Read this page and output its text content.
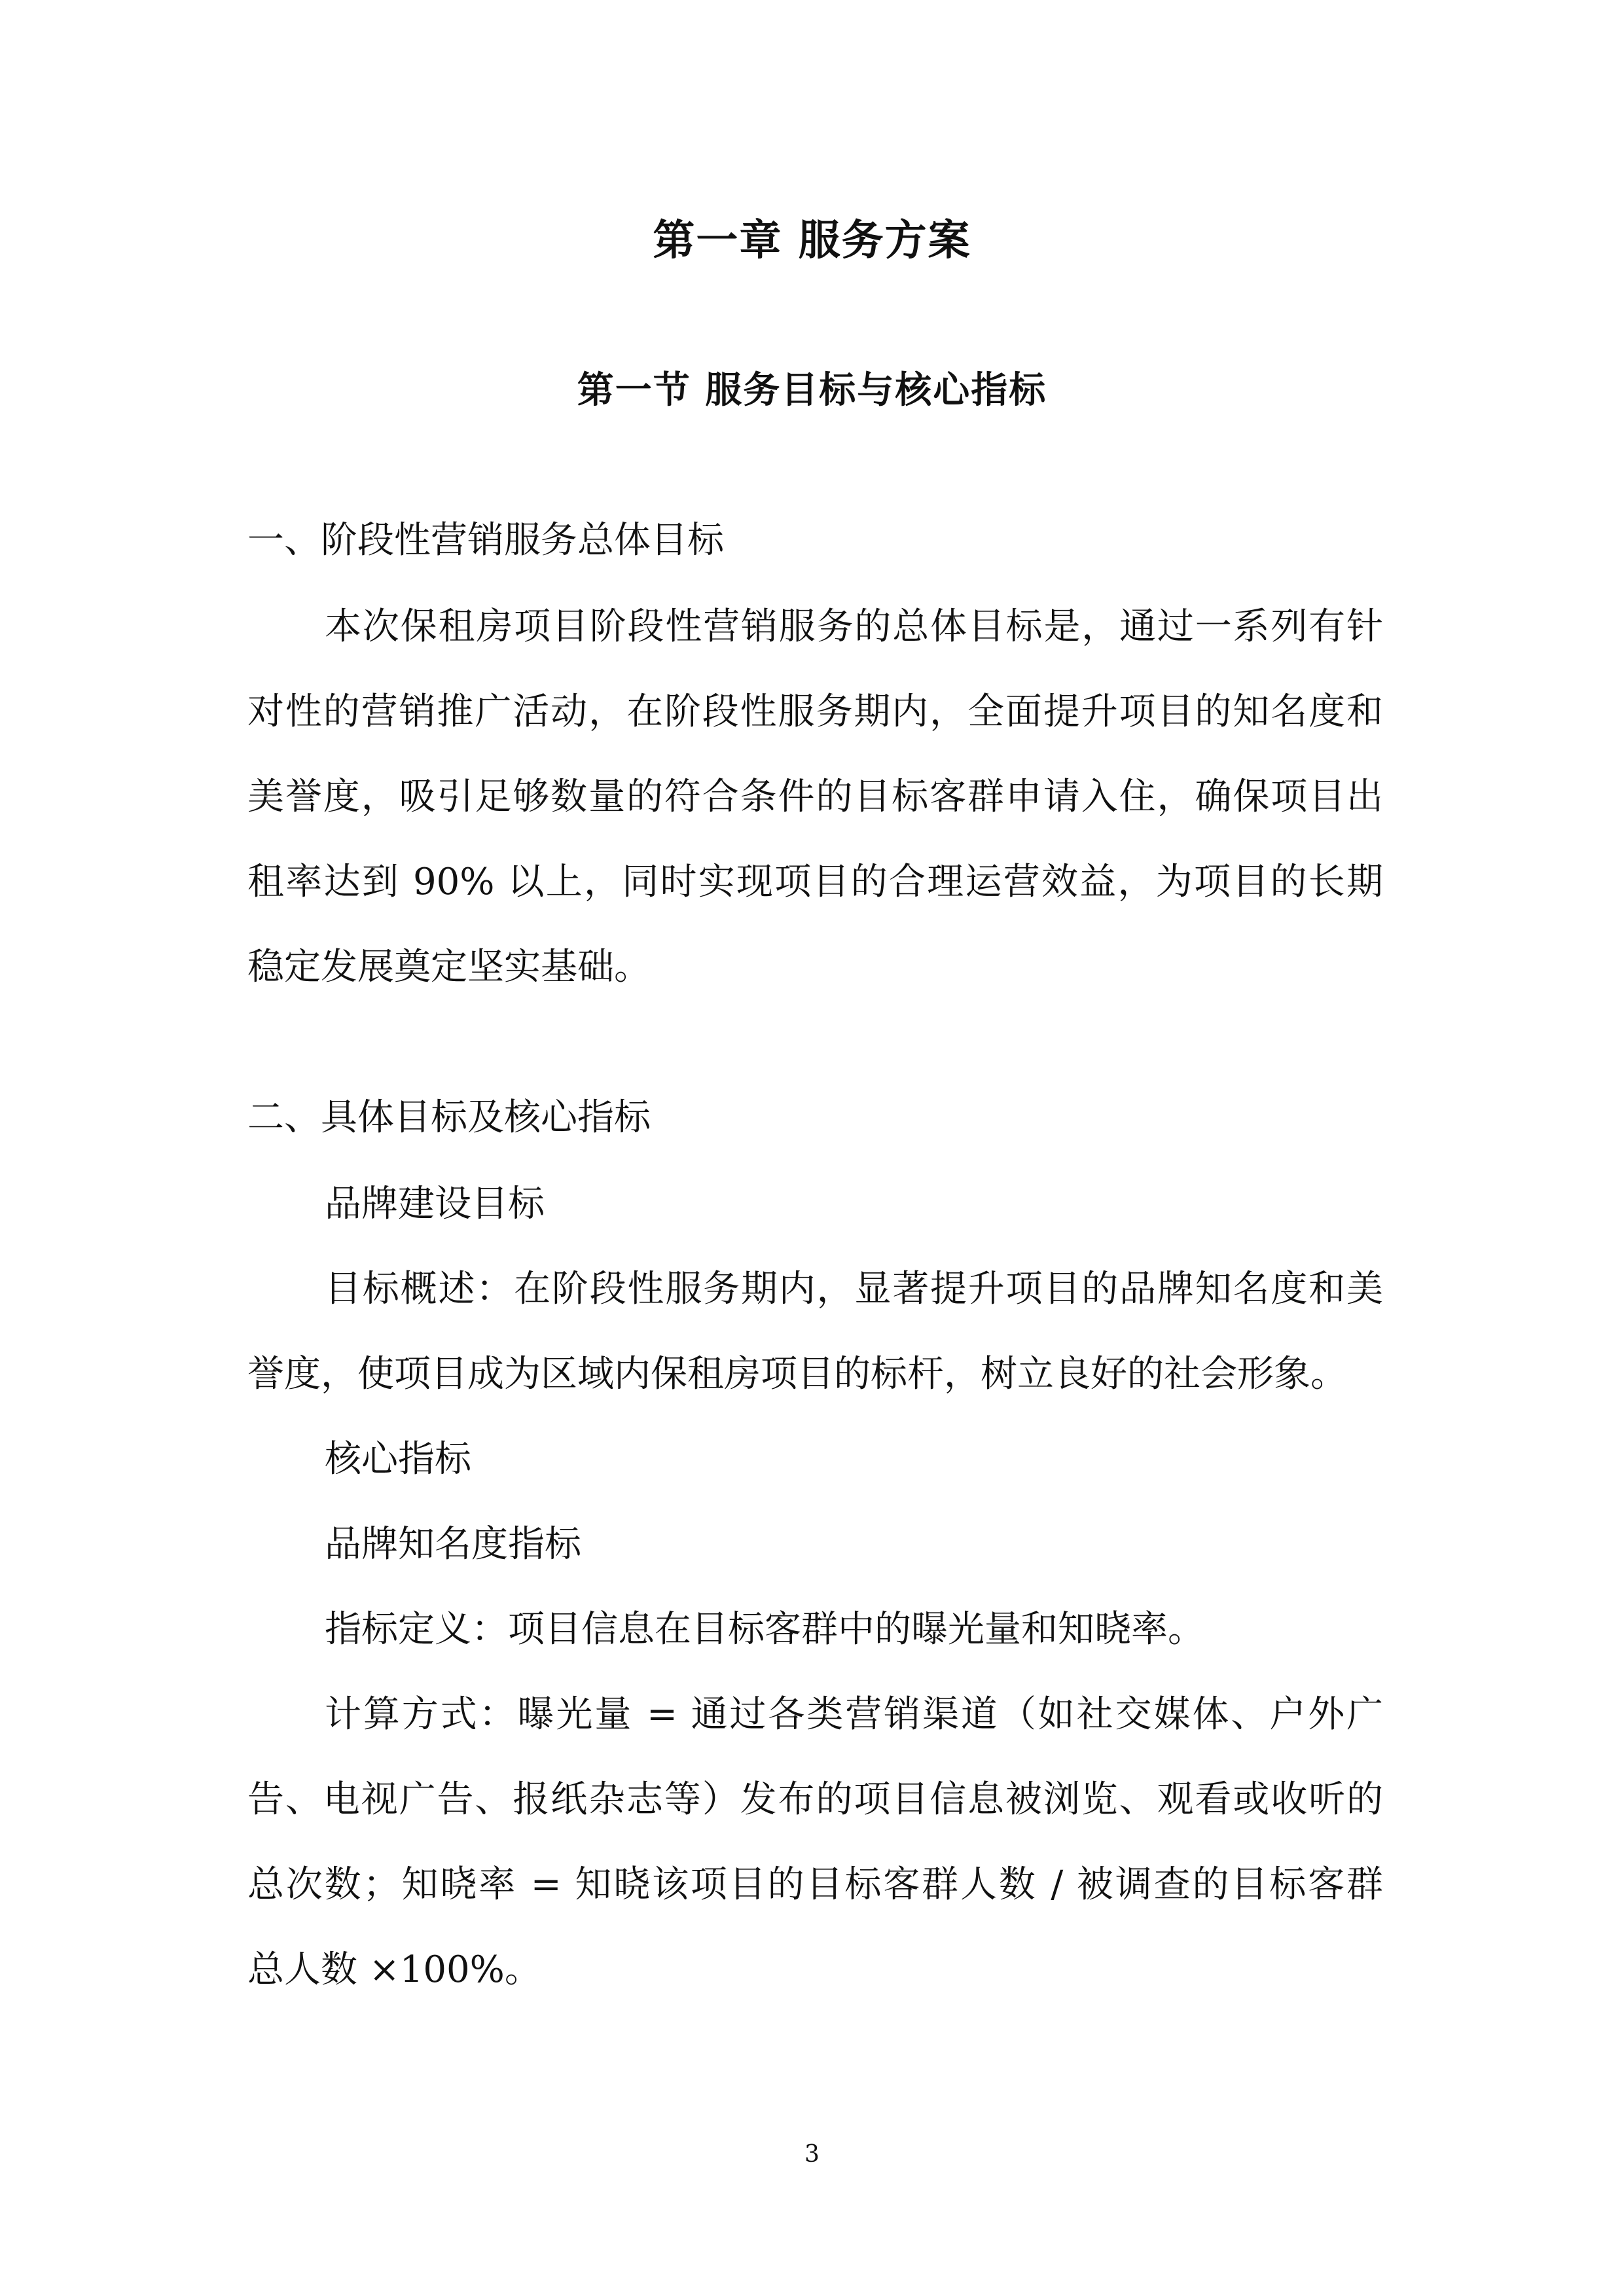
第一章 服务方案
第一节 服务目标与核心指标

一、阶段性营销服务总体目标

本次保租房项目阶段性营销服务的总体目标是，通过一系列有针

对性的营销推广活动，在阶段性服务期内，全面提升项目的知名度和

美誉度，吸引足够数量的符合条件的目标客群申请入住，确保项目出

租率达到 90% 以上，同时实现项目的合理运营效益，为项目的长期

稳定发展奠定坚实基础。

二、具体目标及核心指标

品牌建设目标

目标概述：在阶段性服务期内，显著提升项目的品牌知名度和美

誉度，使项目成为区域内保租房项目的标杆，树立良好的社会形象。

核心指标

品牌知名度指标

指标定义：项目信息在目标客群中的曝光量和知晓率。

计算方式：曝光量 = 通过各类营销渠道（如社交媒体、户外广

告、电视广告、报纸杂志等）发布的项目信息被浏览、观看或收听的

总次数；知晓率 = 知晓该项目的目标客群人数 / 被调查的目标客群

总人数 ×100%。

3
